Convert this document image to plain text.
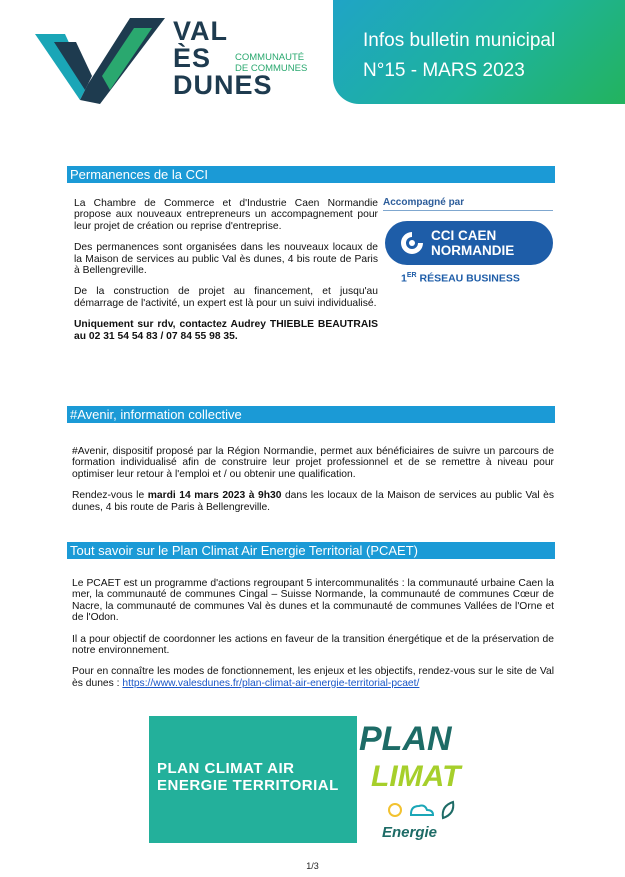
VAL
ÈS
DUNES
COMMUNAUTÉ DE COMMUNES
Infos bulletin municipal
N°15 - MARS 2023
Permanences de la CCI

La Chambre de Commerce et d'Industrie Caen Normandie propose aux nouveaux entrepreneurs un accompagnement pour leur projet de création ou reprise d'entreprise.

Des permanences sont organisées dans les nouveaux locaux de la Maison de services au public Val ès dunes, 4 bis route de Paris à Bellengreville.

De la construction de projet au financement, et jusqu'au démarrage de l'activité, un expert est là pour un suivi individualisé.

Uniquement sur rdv, contactez Audrey THIEBLE BEAUTRAIS au 02 31 54 54 83 / 07 84 55 98 35.

Accompagné par
CCI CAEN
NORMANDIE
1ER RÉSEAU BUSINESS
#Avenir, information collective

#Avenir, dispositif proposé par la Région Normandie, permet aux bénéficiaires de suivre un parcours de formation individualisé afin de construire leur projet professionnel et de se remettre à niveau pour optimiser leur retour à l'emploi et / ou obtenir une qualification.

Rendez-vous le mardi 14 mars 2023 à 9h30 dans les locaux de la Maison de services au public Val ès dunes, 4 bis route de Paris à Bellengreville.

Tout savoir sur le Plan Climat Air Energie Territorial (PCAET)

Le PCAET est un programme d'actions regroupant 5 intercommunalités : la communauté urbaine Caen la mer, la communauté de communes Cingal – Suisse Normande, la communauté de communes Cœur de Nacre, la communauté de communes Val ès dunes et la communauté de communes Vallées de l'Orne et de l'Odon.

Il a pour objectif de coordonner les actions en faveur de la transition énergétique et de la préservation de notre environnement.

Pour en connaître les modes de fonctionnement, les enjeux et les objectifs, rendez-vous sur le site de Val ès dunes : https://www.valesdunes.fr/plan-climat-air-energie-territorial-pcaet/

PLAN CLIMAT AIR
ENERGIE TERRITORIAL
PLAN
LIMAT
Energie
1/3
